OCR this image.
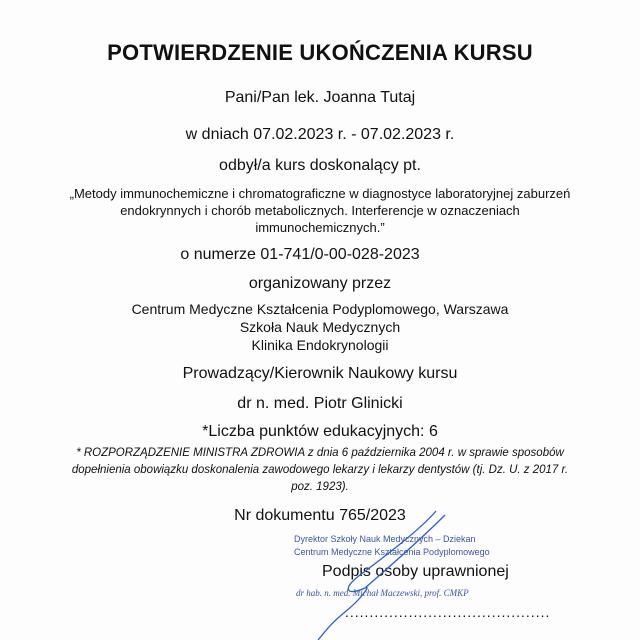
POTWIERDZENIE UKOŃCZENIA KURSU
Pani/Pan lek. Joanna Tutaj
w dniach 07.02.2023 r. - 07.02.2023 r.
odbył/a kurs doskonalący pt.
„Metody immunochemiczne i chromatograficzne w diagnostyce laboratoryjnej zaburzeń
endokrynnych i chorób metabolicznych. Interferencje w oznaczeniach
immunochemicznych.”
o numerze 01-741/0-00-028-2023
organizowany przez
Centrum Medyczne Kształcenia Podyplomowego, Warszawa
Szkoła Nauk Medycznych
Klinika Endokrynologii
Prowadzący/Kierownik Naukowy kursu
dr n. med. Piotr Glinicki
*Liczba punktów edukacyjnych: 6
* ROZPORZĄDZENIE MINISTRA ZDROWIA z dnia 6 października 2004 r. w sprawie sposobów
dopełnienia obowiązku doskonalenia zawodowego lekarzy i lekarzy dentystów (tj. Dz. U. z 2017 r.
poz. 1923).
Nr dokumentu 765/2023
Dyrektor Szkoły Nauk Medycznych – Dziekan
Centrum Medyczne Kształcenia Podyplomowego
Podpis osoby uprawnionej
dr hab. n. med. Michał Maczewski, prof. CMKP
..........................................
